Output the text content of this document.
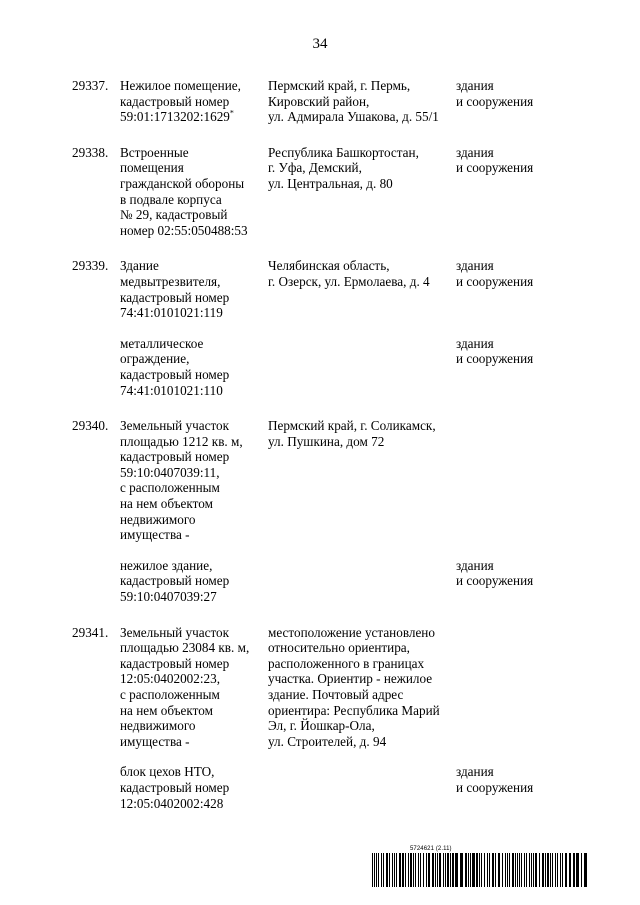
34
29337. Нежилое помещение,
кадастровый номер
59:01:1713202:1629*
Пермский край, г. Пермь,
Кировский район,
ул. Адмирала Ушакова, д. 55/1
здания
и сооружения
29338. Встроенные
помещения
гражданской обороны
в подвале корпуса
№ 29, кадастровый
номер 02:55:050488:53
Республика Башкортостан,
г. Уфа, Демский,
ул. Центральная, д. 80
здания
и сооружения
29339. Здание
медвытрезвителя,
кадастровый номер
74:41:0101021:119
Челябинская область,
г. Озерск, ул. Ермолаева, д. 4
здания
и сооружения
металлическое
ограждение,
кадастровый номер
74:41:0101021:110
здания
и сооружения
29340. Земельный участок
площадью 1212 кв. м,
кадастровый номер
59:10:0407039:11,
с расположенным
на нем объектом
недвижимого
имущества -
Пермский край, г. Соликамск,
ул. Пушкина, дом 72
нежилое здание,
кадастровый номер
59:10:0407039:27
здания
и сооружения
29341. Земельный участок
площадью 23084 кв. м,
кадастровый номер
12:05:0402002:23,
с расположенным
на нем объектом
недвижимого
имущества -
местоположение установлено
относительно ориентира,
расположенного в границах
участка. Ориентир - нежилое
здание. Почтовый адрес
ориентира: Республика Марий
Эл, г. Йошкар-Ола,
ул. Строителей, д. 94
блок цехов НТО,
кадастровый номер
12:05:0402002:428
здания
и сооружения
5724621 (2.11)
